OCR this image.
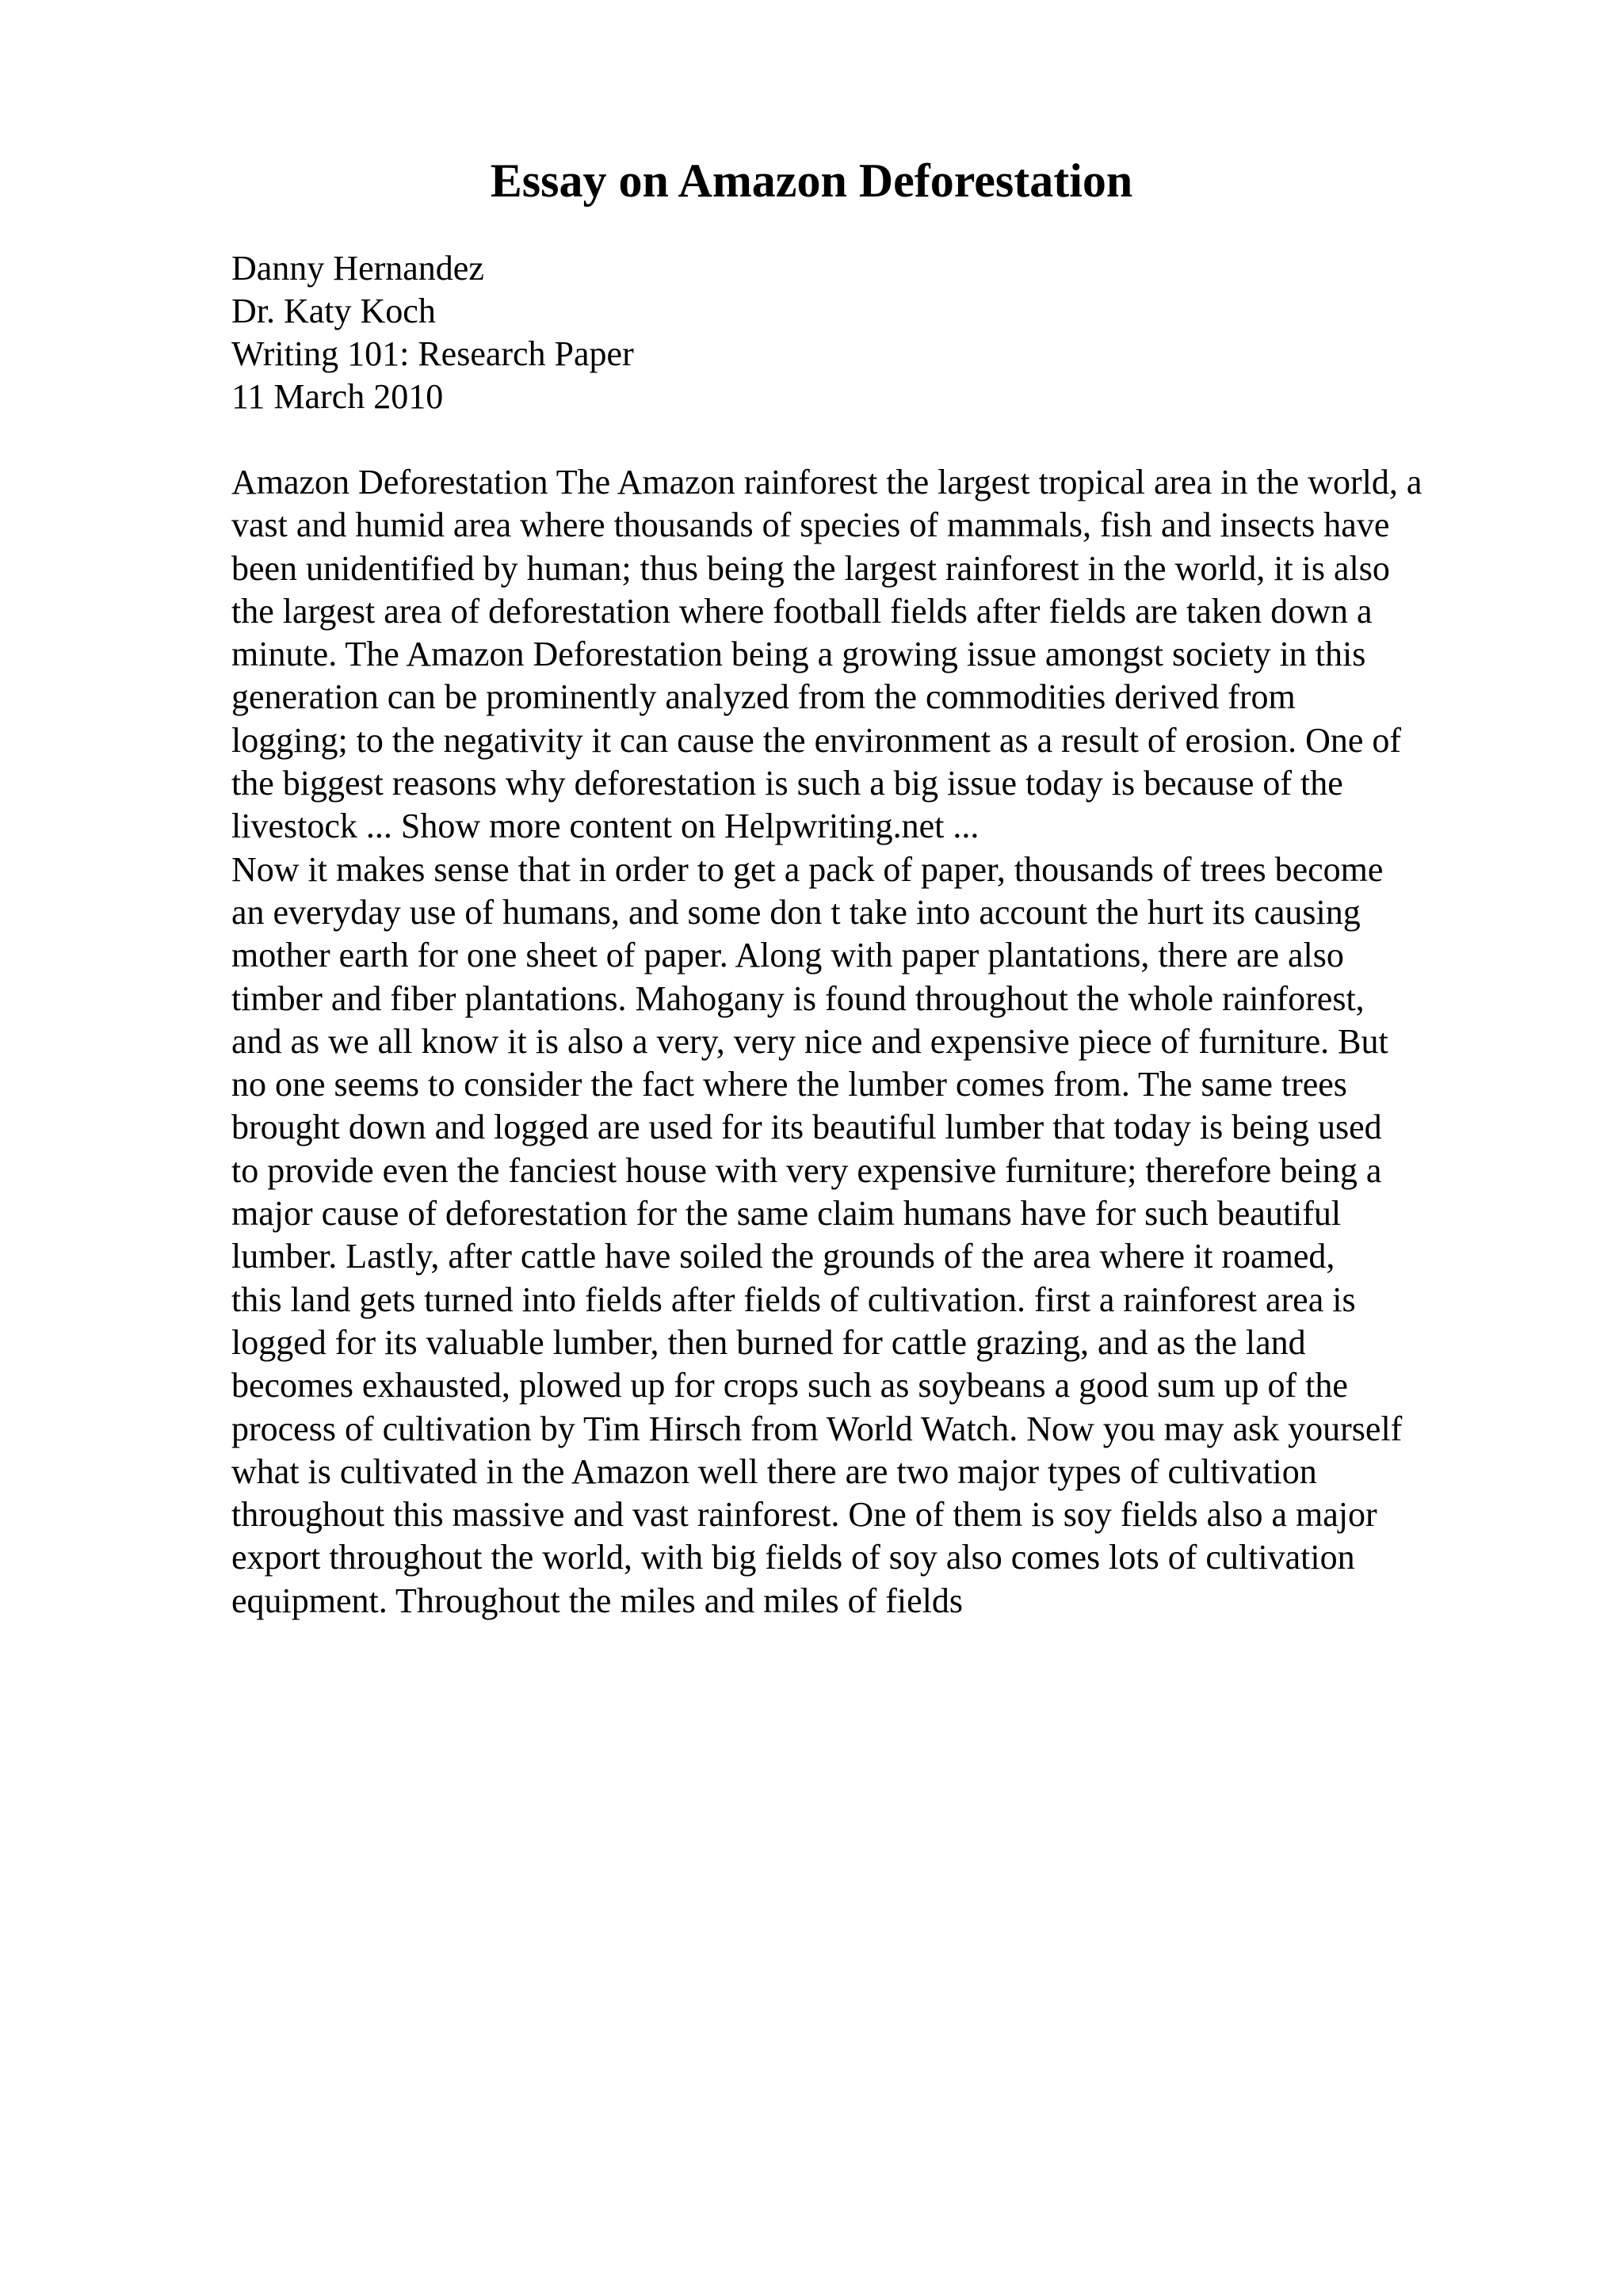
Essay on Amazon Deforestation
Danny Hernandez
Dr. Katy Koch
Writing 101: Research Paper
11 March 2010
Amazon Deforestation The Amazon rainforest the largest tropical area in the world, a
vast and humid area where thousands of species of mammals, fish and insects have
been unidentified by human; thus being the largest rainforest in the world, it is also
the largest area of deforestation where football fields after fields are taken down a
minute. The Amazon Deforestation being a growing issue amongst society in this
generation can be prominently analyzed from the commodities derived from
logging; to the negativity it can cause the environment as a result of erosion. One of
the biggest reasons why deforestation is such a big issue today is because of the
livestock ... Show more content on Helpwriting.net ...
Now it makes sense that in order to get a pack of paper, thousands of trees become
an everyday use of humans, and some don t take into account the hurt its causing
mother earth for one sheet of paper. Along with paper plantations, there are also
timber and fiber plantations. Mahogany is found throughout the whole rainforest,
and as we all know it is also a very, very nice and expensive piece of furniture. But
no one seems to consider the fact where the lumber comes from. The same trees
brought down and logged are used for its beautiful lumber that today is being used
to provide even the fanciest house with very expensive furniture; therefore being a
major cause of deforestation for the same claim humans have for such beautiful
lumber. Lastly, after cattle have soiled the grounds of the area where it roamed,
this land gets turned into fields after fields of cultivation. first a rainforest area is
logged for its valuable lumber, then burned for cattle grazing, and as the land
becomes exhausted, plowed up for crops such as soybeans a good sum up of the
process of cultivation by Tim Hirsch from World Watch. Now you may ask yourself
what is cultivated in the Amazon well there are two major types of cultivation
throughout this massive and vast rainforest. One of them is soy fields also a major
export throughout the world, with big fields of soy also comes lots of cultivation
equipment. Throughout the miles and miles of fields
